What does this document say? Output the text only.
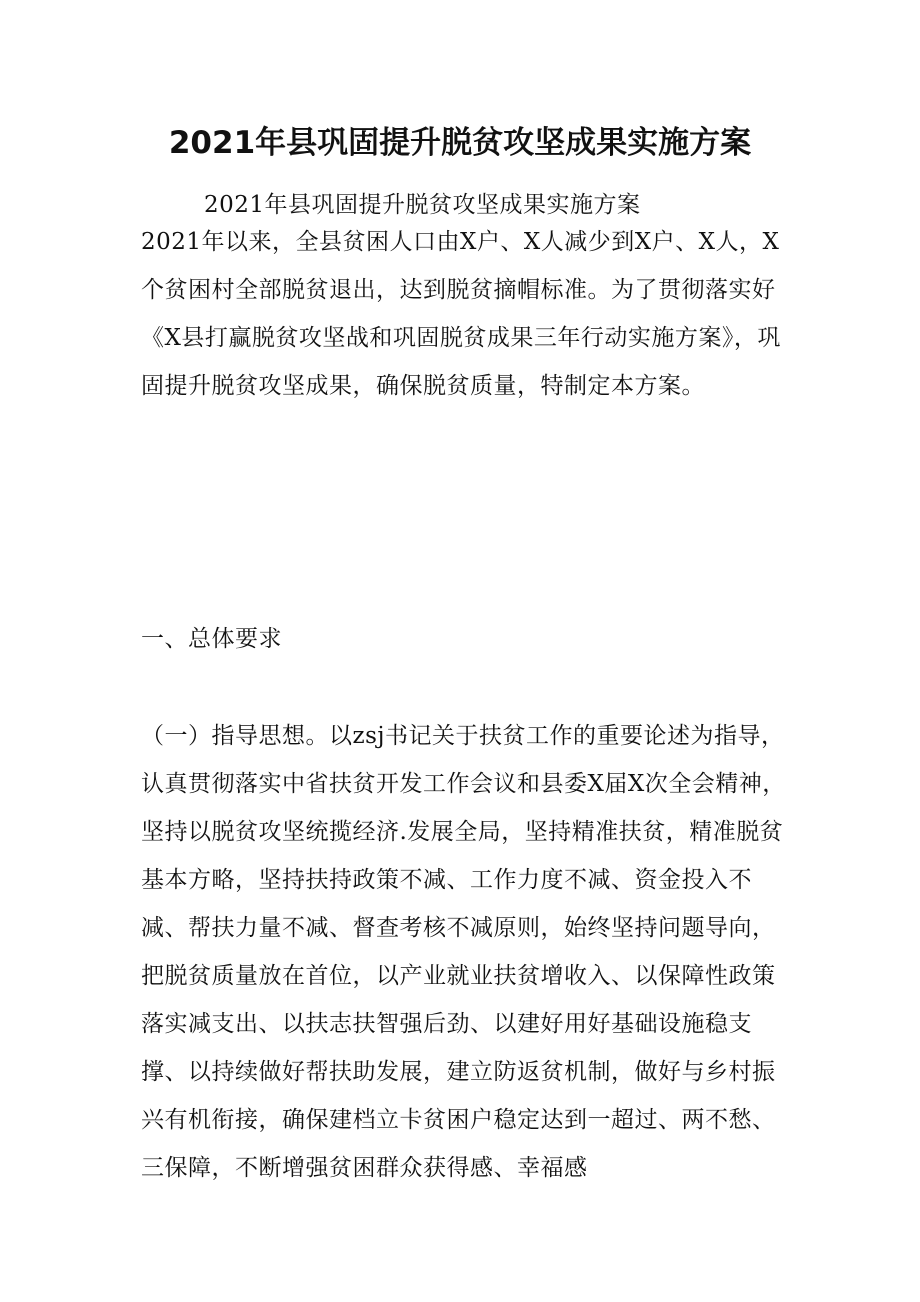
2021年县巩固提升脱贫攻坚成果实施方案

2021年县巩固提升脱贫攻坚成果实施方案

2021年以来，全县贫困人口由X户、X人减少到X户、X人，X个贫困村全部脱贫退出，达到脱贫摘帽标准。为了贯彻落实好《X县打赢脱贫攻坚战和巩固脱贫成果三年行动实施方案》，巩固提升脱贫攻坚成果，确保脱贫质量，特制定本方案。

一、总体要求

（一）指导思想。以zsj书记关于扶贫工作的重要论述为指导，认真贯彻落实中省扶贫开发工作会议和县委X届X次全会精神，坚持以脱贫攻坚统揽经济.发展全局，坚持精准扶贫，精准脱贫基本方略，坚持扶持政策不减、工作力度不减、资金投入不减、帮扶力量不减、督查考核不减原则，始终坚持问题导向，把脱贫质量放在首位，以产业就业扶贫增收入、以保障性政策落实减支出、以扶志扶智强后劲、以建好用好基础设施稳支撑、以持续做好帮扶助发展，建立防返贫机制，做好与乡村振兴有机衔接，确保建档立卡贫困户稳定达到一超过、两不愁、三保障，不断增强贫困群众获得感、幸福感
